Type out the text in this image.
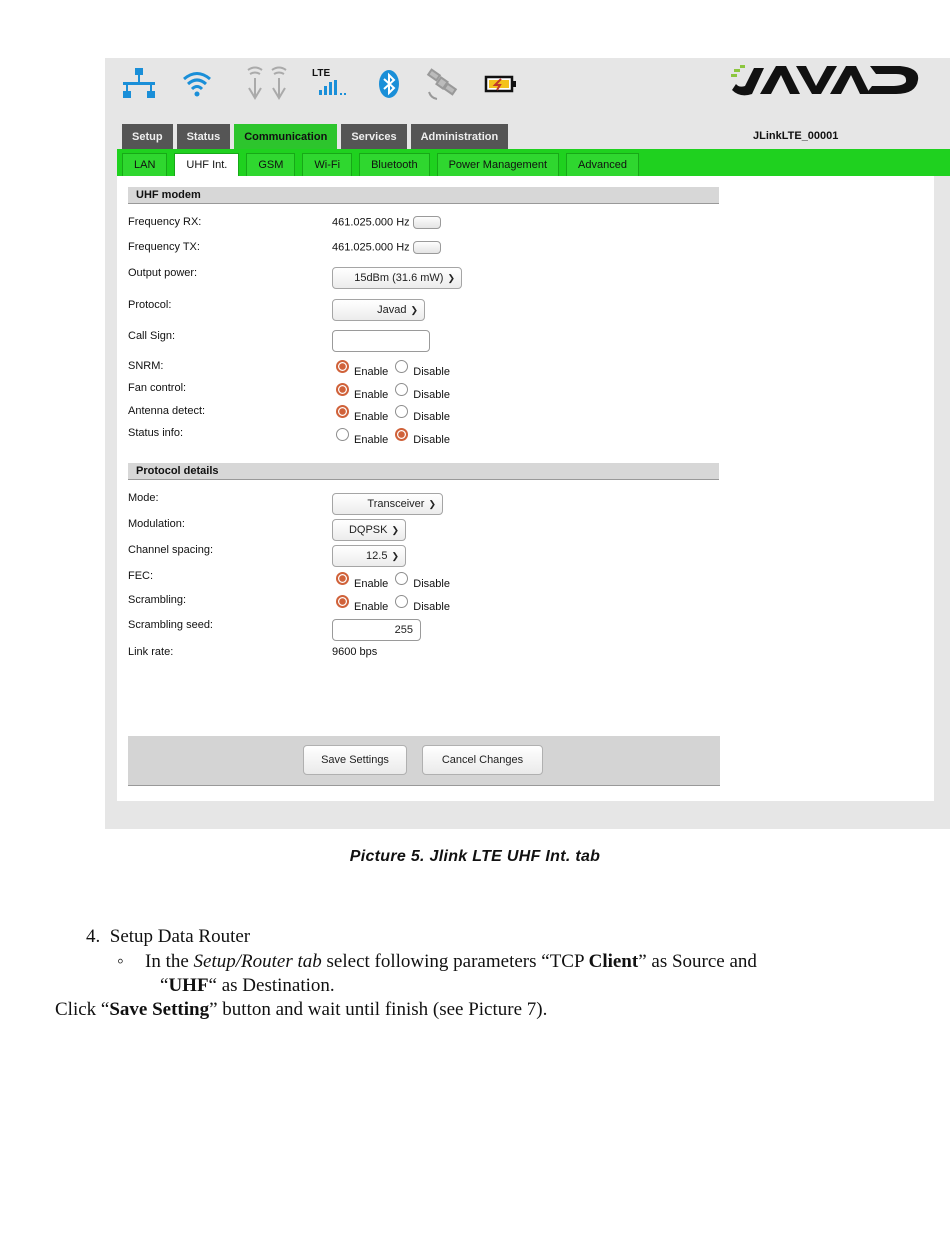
LTE
Setup	Status	Communication	Services	Administration	JLinkLTE_00001
LAN	UHF Int.	GSM	Wi-Fi	Bluetooth	Power Management	Advanced
UHF modem
Frequency RX:	461.025.000 Hz
Frequency TX:	461.025.000 Hz
Output power:	15dBm (31.6 mW) ❯
Protocol:	Javad ❯
Call Sign:
SNRM:	Enable Disable
Fan control:
Enable Disable
Antenna detect:	Enable Disable
Status info:
Enable Disable
Protocol details
Mode:	Transceiver ❯
Modulation:	DQPSK ❯
Channel spacing:	12.5 ❯
FEC:
Enable Disable
Scrambling:
Enable Disable
Scrambling seed:	255
Link rate:	9600 bps
Save Settings	Cancel Changes
Picture 5. Jlink LTE UHF Int. tab
4. Setup Data Router
◦ In the Setup/Router tab select following parameters “TCP Client” as Source and
“UHF“ as Destination.
Click “Save Setting” button and wait until finish (see Picture 7).
